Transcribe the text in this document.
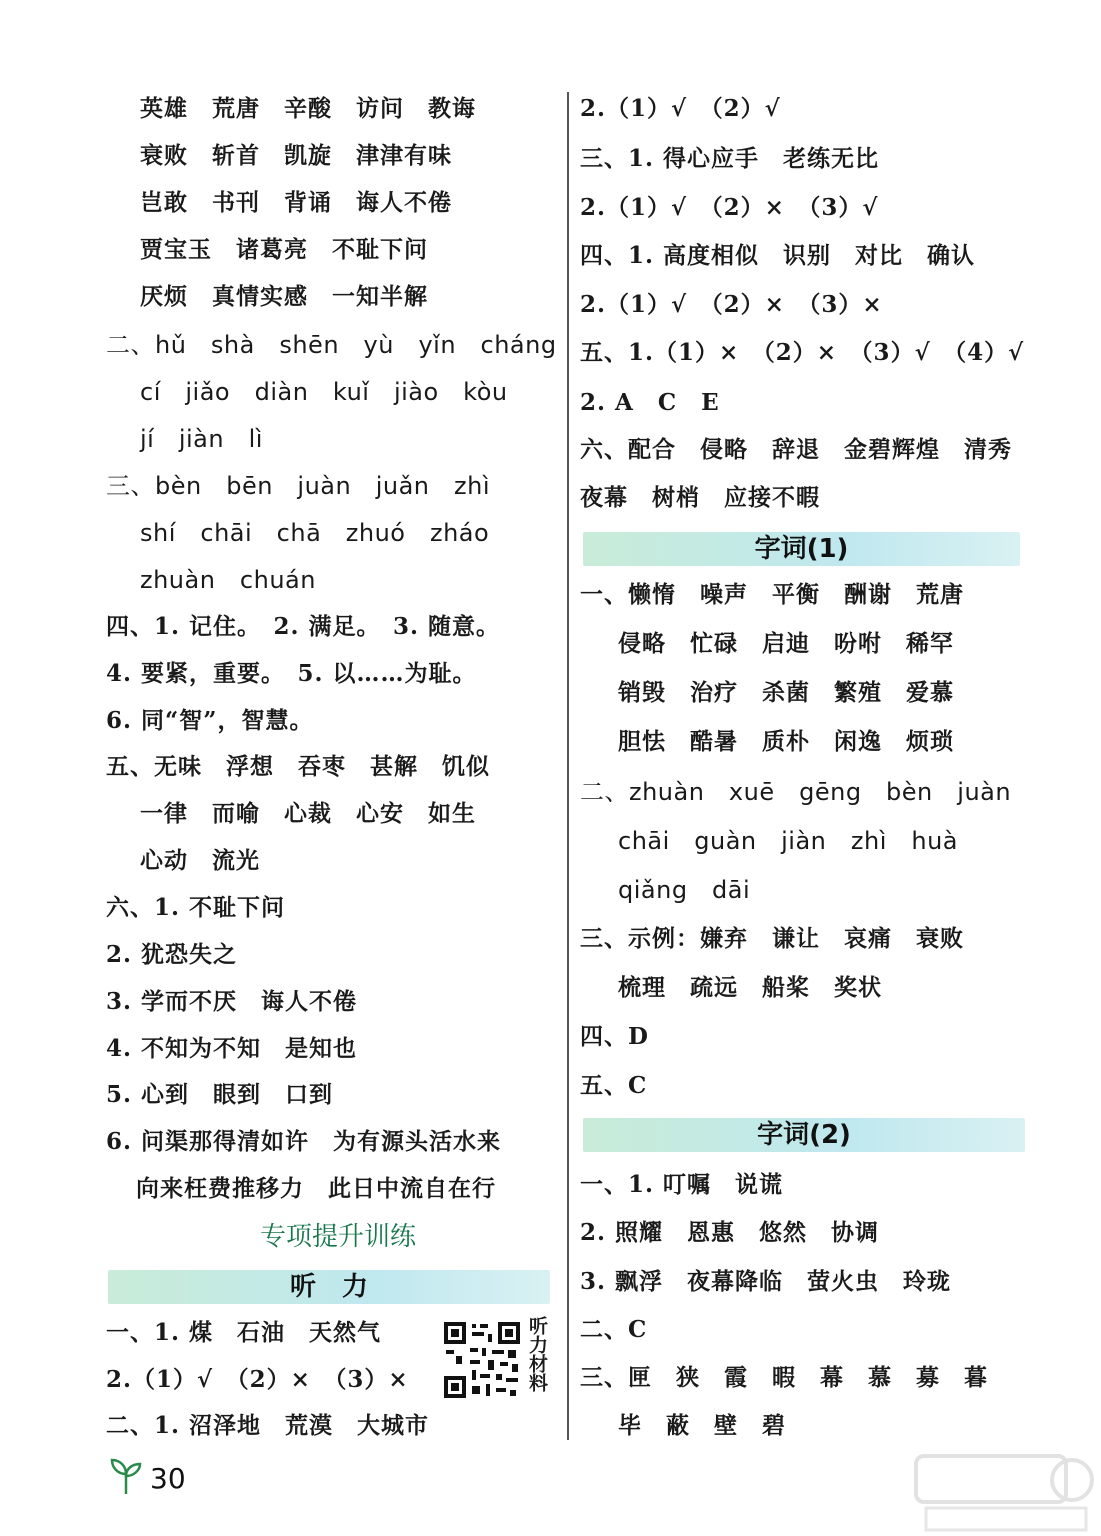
英雄　荒唐　辛酸　访问　教诲
衰败　斩首　凯旋　津津有味
岂敢　书刊　背诵　诲人不倦
贾宝玉　诸葛亮　不耻下问
厌烦　真情实感　一知半解
二、hǔ　shà　shēn　yù　yǐn　cháng
cí　jiǎo　diàn　kuǐ　jiào　kòu
jí　jiàn　lì
三、bèn　bēn　juàn　juǎn　zhì
shí　chāi　chā　zhuó　zháo
zhuàn　chuán
四、1. 记住。　2. 满足。　3. 随意。
4. 要紧，重要。　5. 以……为耻。
6. 同“智”，智慧。
五、无味　浮想　吞枣　甚解　饥似
一律　而喻　心裁　心安　如生
心动　流光
六、1. 不耻下问
2. 犹恐失之
3. 学而不厌　诲人不倦
4. 不知为不知　是知也
5. 心到　眼到　口到
6. 问渠那得清如许　为有源头活水来
向来枉费推移力　此日中流自在行
专项提升训练
听　力
一、1. 煤　石油　天然气
2.（1）√　（2）×　（3）×
二、1. 沼泽地　荒漠　大城市
听力材料
2.（1）√　（2）√
三、1. 得心应手　老练无比
2.（1）√　（2）×　（3）√
四、1. 高度相似　识别　对比　确认
2.（1）√　（2）×　（3）×
五、1.（1）×　（2）×　（3）√　（4）√
2. A　C　E
六、配合　侵略　辞退　金碧辉煌　清秀
夜幕　树梢　应接不暇
字词(1)
一、懒惰　噪声　平衡　酬谢　荒唐
侵略　忙碌　启迪　吩咐　稀罕
销毁　治疗　杀菌　繁殖　爱慕
胆怯　酷暑　质朴　闲逸　烦琐
二、zhuàn　xuē　gēng　bèn　juàn
chāi　guàn　jiàn　zhì　huà
qiǎng　dāi
三、示例：嫌弃　谦让　哀痛　衰败
梳理　疏远　船桨　奖状
四、D
五、C
字词(2)
一、1. 叮嘱　说谎
2. 照耀　恩惠　悠然　协调
3. 飘浮　夜幕降临　萤火虫　玲珑
二、C
三、匣　狭　霞　暇　幕　慕　募　暮
毕　蔽　壁　碧
30
